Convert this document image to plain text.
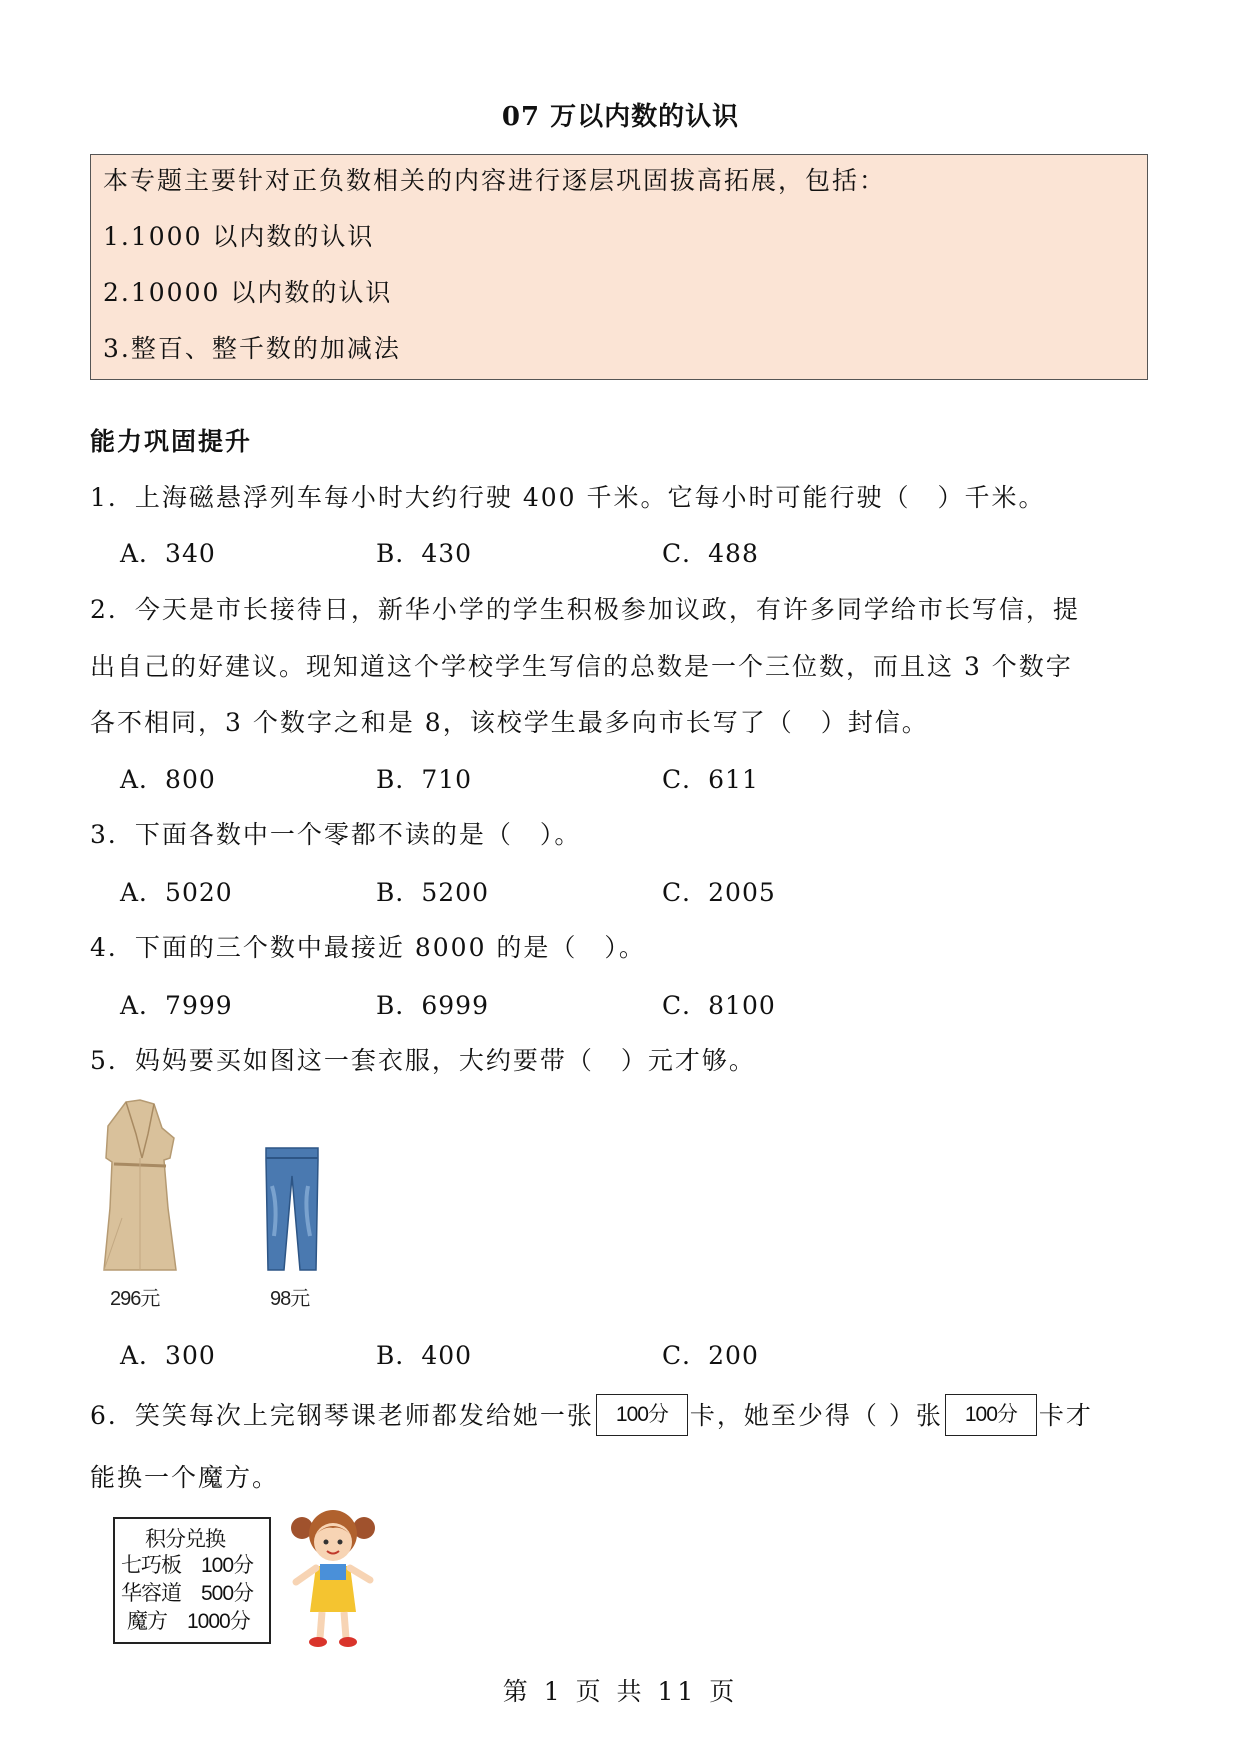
07 万以内数的认识
本专题主要针对正负数相关的内容进行逐层巩固拔高拓展，包括：
1.1000 以内数的认识
2.10000 以内数的认识
3.整百、整千数的加减法
能力巩固提升
1．上海磁悬浮列车每小时大约行驶 400 千米。它每小时可能行驶（　）千米。
A．340	B．430	C．488
2．今天是市长接待日，新华小学的学生积极参加议政，有许多同学给市长写信，提
出自己的好建议。现知道这个学校学生写信的总数是一个三位数，而且这 3 个数字
各不相同，3 个数字之和是 8，该校学生最多向市长写了（　）封信。
A．800	B．710	C．611
3．下面各数中一个零都不读的是（　）。
A．5020	B．5200	C．2005
4．下面的三个数中最接近 8000 的是（　）。
A．7999	B．6999	C．8100
5．妈妈要买如图这一套衣服，大约要带（　）元才够。
296元	98元
A．300	B．400	C．200
6．笑笑每次上完钢琴课老师都发给她一张 100分 卡，她至少得（ ）张 100分 卡才
能换一个魔方。
积分兑换
七巧板　100分
华容道　500分
魔方　1000分
第 1 页 共 11 页
